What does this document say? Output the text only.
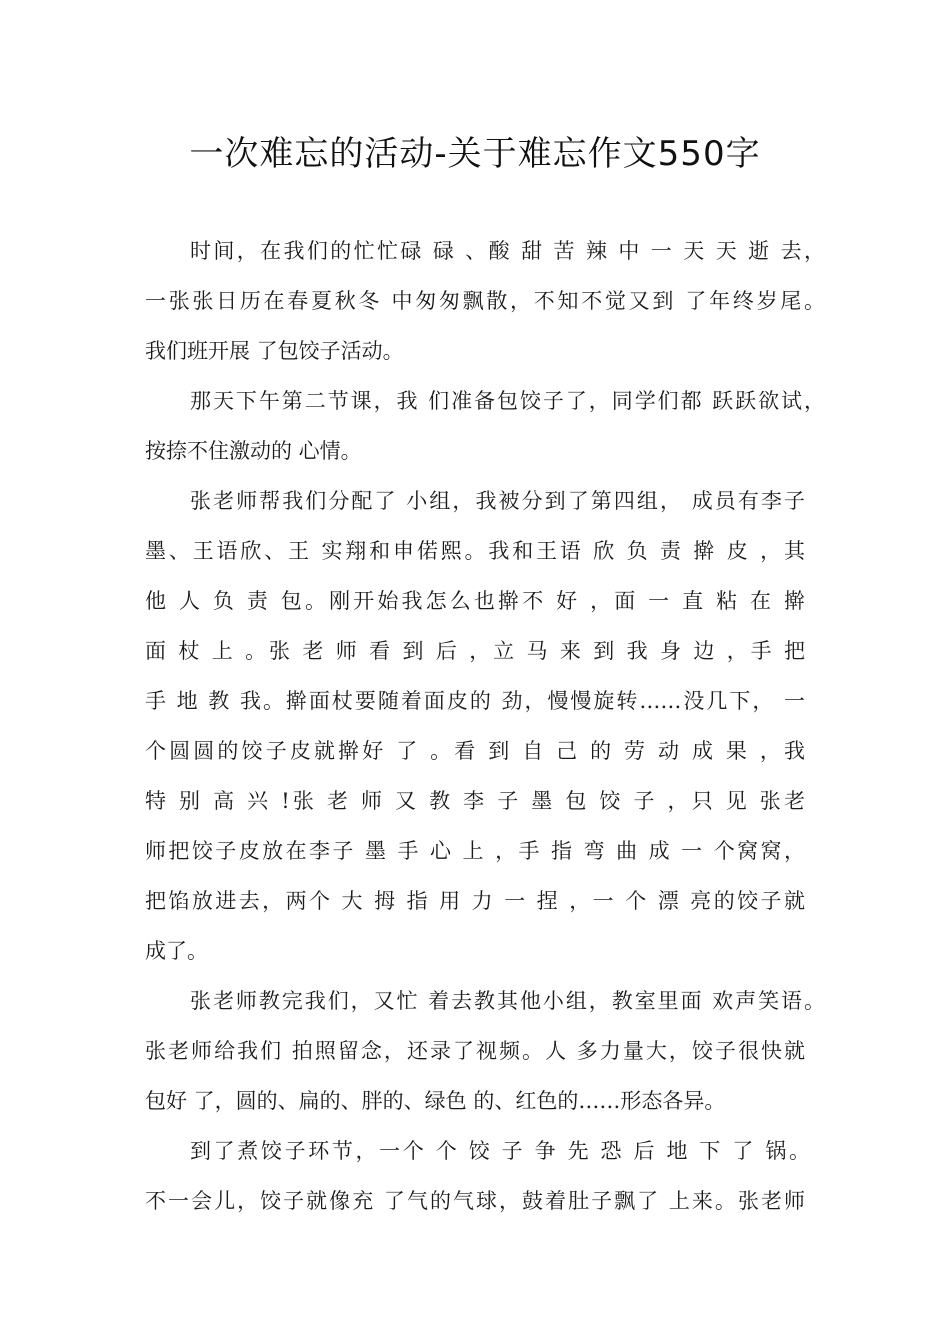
一次难忘的活动-关于难忘作文550字
时间，在我们的忙忙碌 碌 、酸 甜 苦 辣 中 一 天 天 逝 去，
一张张日历在春夏秋冬 中匆匆飘散，不知不觉又到 了年终岁尾。
我们班开展 了包饺子活动。
那天下午第二节课，我 们准备包饺子了，同学们都 跃跃欲试，
按捺不住激动的 心情。
张老师帮我们分配了 小组，我被分到了第四组， 成员有李子
墨、王语欣、王 实翔和申偌熙。我和王语 欣 负 责 擀 皮 ，其
他 人 负 责 包。刚开始我怎么也擀不 好 ，面 一 直 粘 在 擀
面 杖 上 。张 老 师 看 到 后 ，立 马 来 到 我 身 边 ，手 把
手 地 教 我。擀面杖要随着面皮的 劲，慢慢旋转……没几下， 一
个圆圆的饺子皮就擀好 了 。看 到 自 己 的 劳 动 成 果 ，我
特 别 高 兴 !张 老 师 又 教 李 子 墨 包 饺 子 ，只 见 张老
师把饺子皮放在李子 墨 手 心 上 ，手 指 弯 曲 成 一 个窝窝，
把馅放进去，两个 大 拇 指 用 力 一 捏 ，一 个 漂 亮的饺子就
成了。
张老师教完我们，又忙 着去教其他小组，教室里面 欢声笑语。
张老师给我们 拍照留念，还录了视频。人 多力量大，饺子很快就
包好 了，圆的、扁的、胖的、绿色 的、红色的……形态各异。
到了煮饺子环节，一个 个 饺 子 争 先 恐 后 地 下 了 锅。
不一会儿，饺子就像充 了气的气球，鼓着肚子飘了 上来。张老师
